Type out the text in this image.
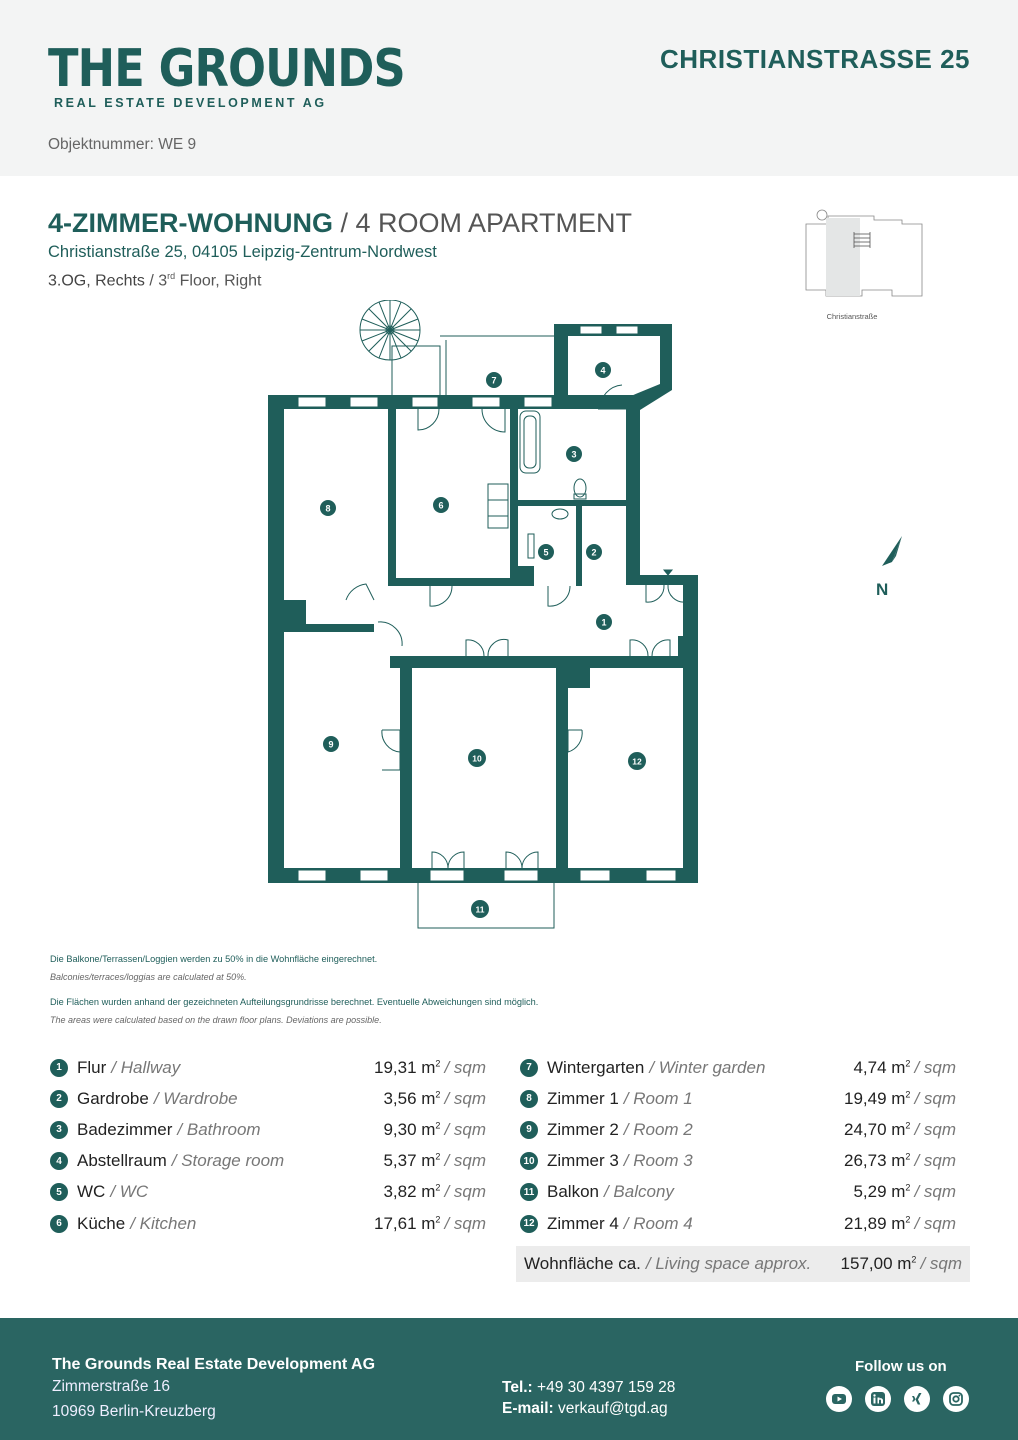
THE GROUNDS
REAL ESTATE DEVELOPMENT AG
Objektnummer: WE 9
CHRISTIANSTRASSE 25
4-ZIMMER-WOHNUNG / 4 ROOM APARTMENT
Christianstraße 25, 04105 Leipzig-Zentrum-Nordwest
3.OG, Rechts / 3rd Floor, Right
Christianstraße
1
2
3
4
5
6
7
8
9
10
11
12
N
Die Balkone/Terrassen/Loggien werden zu 50% in die Wohnfläche eingerechnet.
Balconies/terraces/loggias are calculated at 50%.
Die Flächen wurden anhand der gezeichneten Aufteilungsgrundrisse berechnet. Eventuelle Abweichungen sind möglich.
The areas were calculated based on the drawn floor plans. Deviations are possible.
1 Flur / Hallway	19,31 $m^2$ / sqm
2 Gardrobe / Wardrobe	3,56 $m^2$ / sqm
3 Badezimmer / Bathroom	9,30 $m^2$ / sqm
4 Abstellraum / Storage room	5,37 $m^2$ / sqm
5 WC / WC	3,82 $m^2$ / sqm
6 Küche / Kitchen	17,61 $m^2$ / sqm
7 Wintergarten / Winter garden	4,74 $m^2$ / sqm
8 Zimmer 1 / Room 1	19,49 $m^2$ / sqm
9 Zimmer 2 / Room 2	24,70 $m^2$ / sqm
10 Zimmer 3 / Room 3	26,73 $m^2$ / sqm
11 Balkon / Balcony	5,29 $m^2$ / sqm
12 Zimmer 4 / Room 4	21,89 $m^2$ / sqm
Wohnfläche ca. / Living space approx. 157,00 $m^2$ / sqm
The Grounds Real Estate Development AG
Zimmerstraße 16
10969 Berlin-Kreuzberg
Tel.: +49 30 4397 159 28
E-mail: verkauf@tgd.ag
Follow us on
